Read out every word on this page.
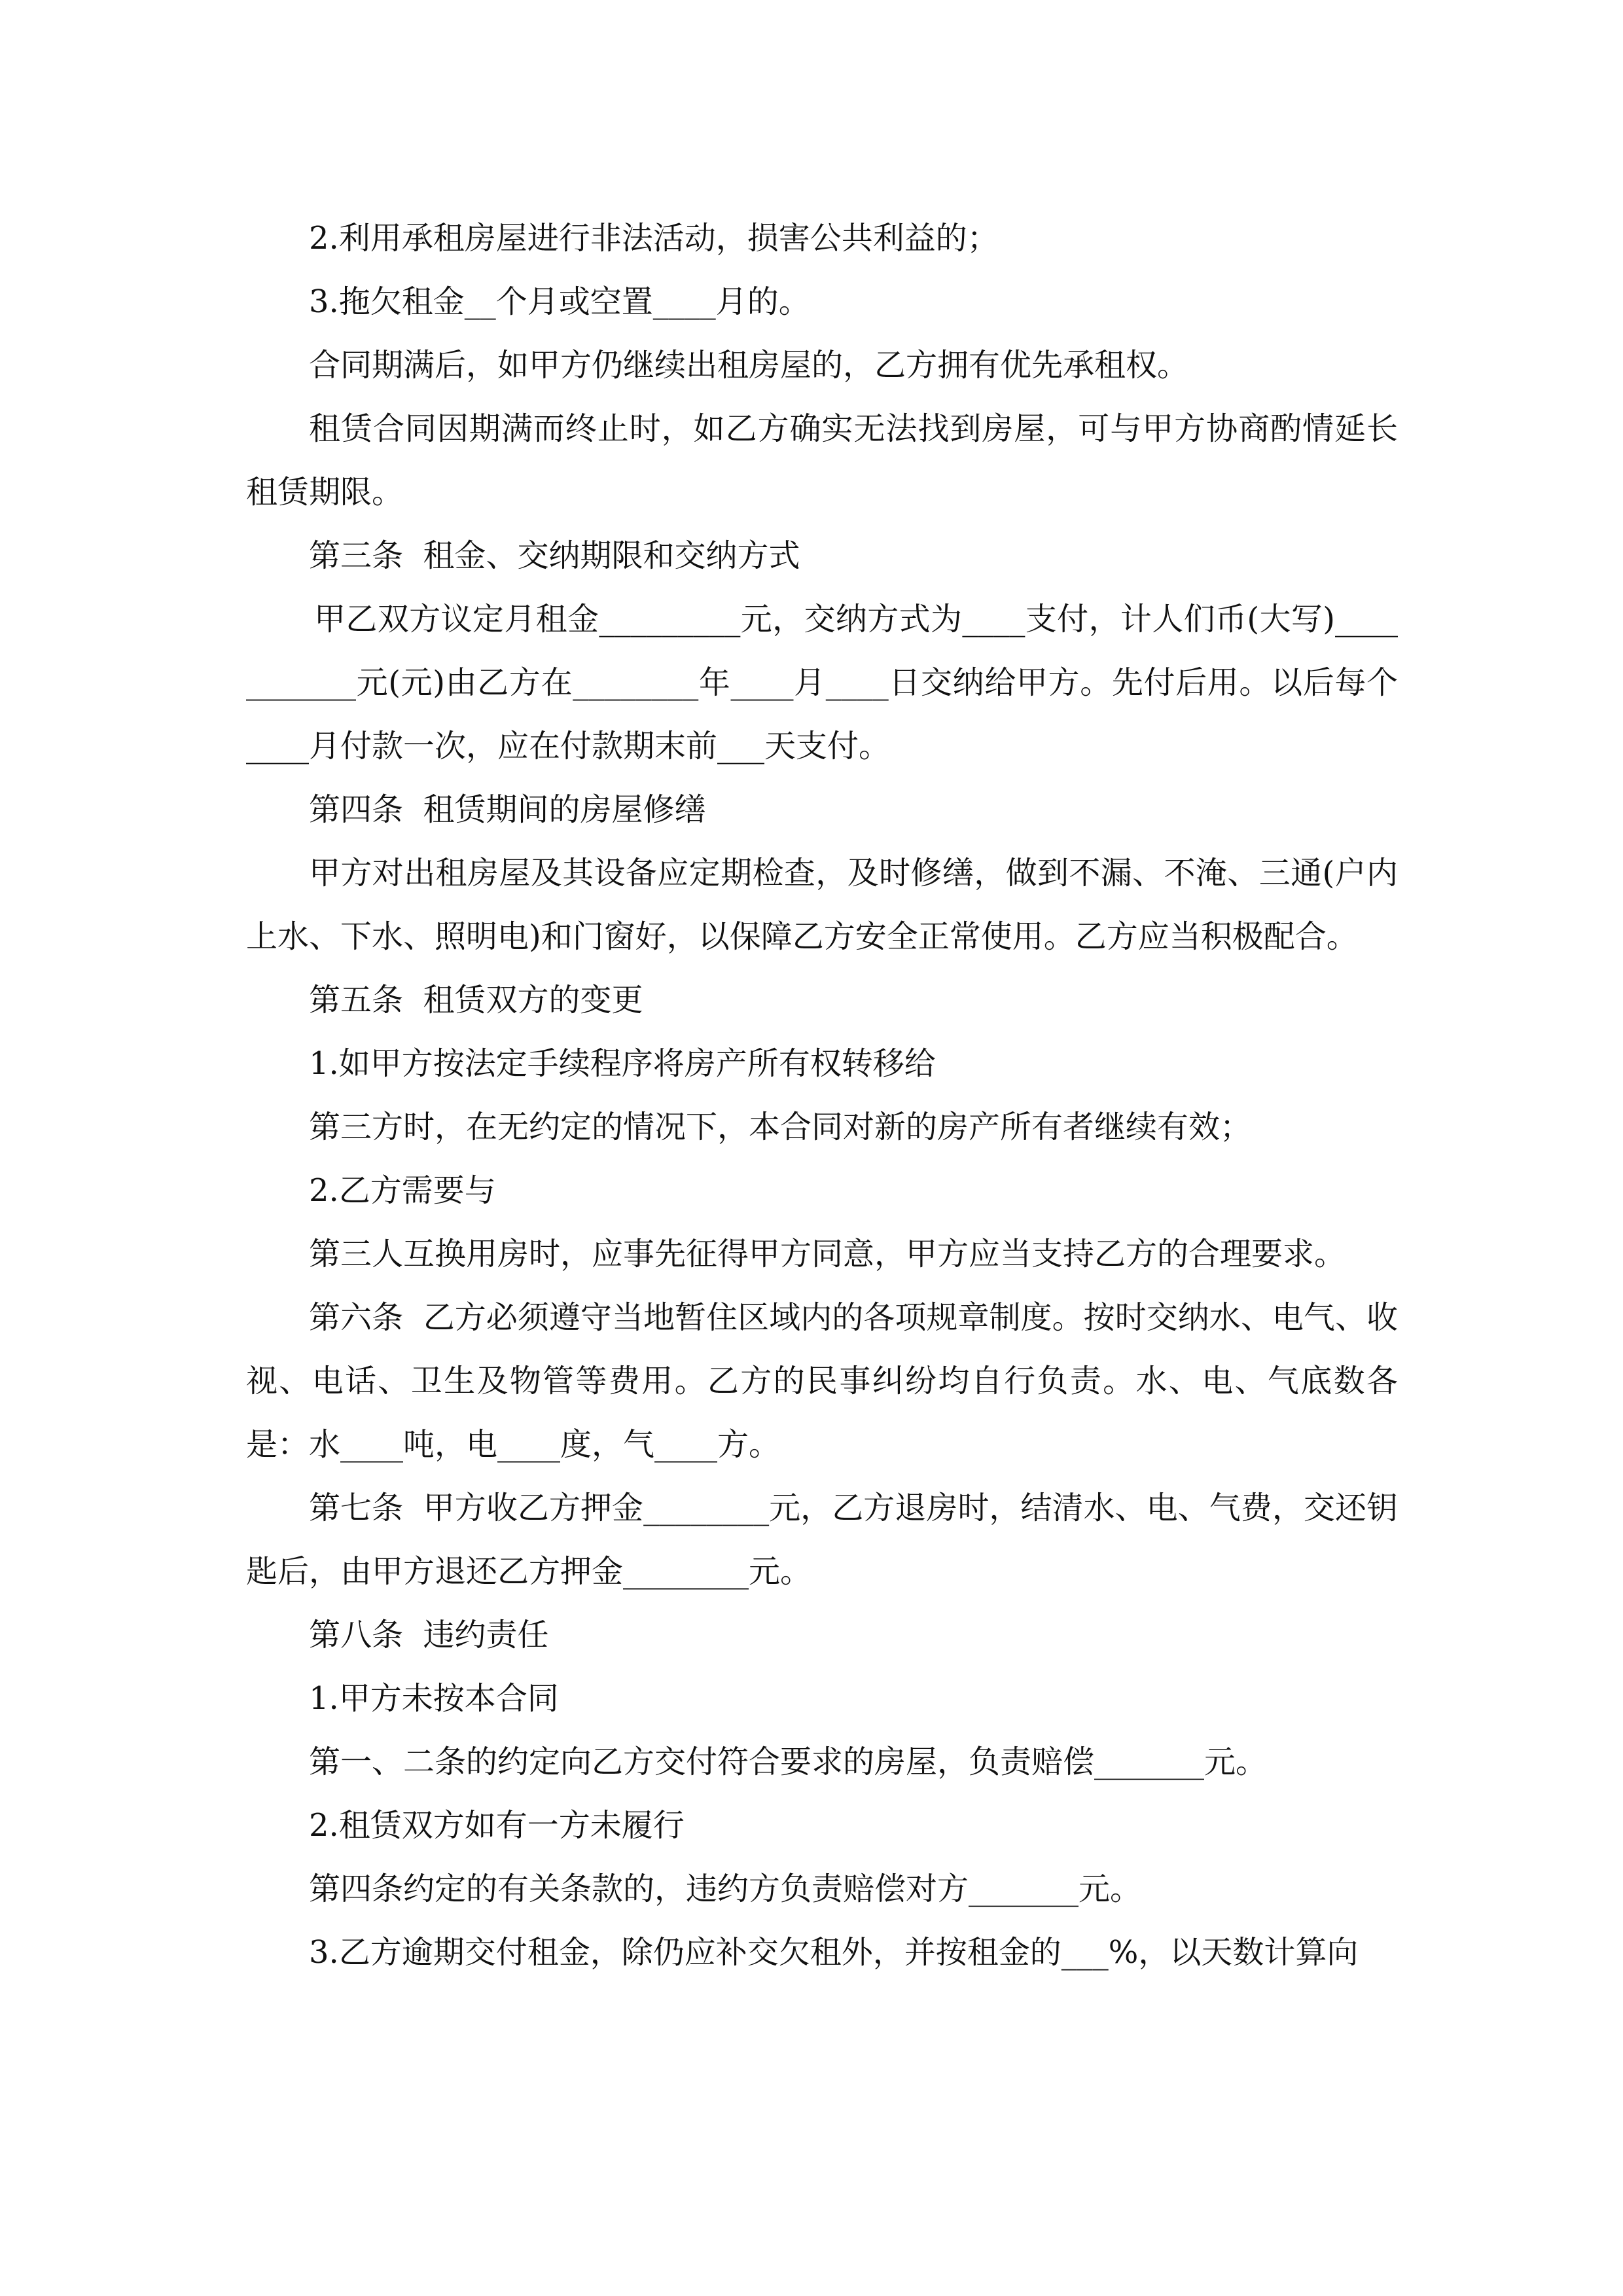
2.利用承租房屋进行非法活动，损害公共利益的；

3.拖欠租金__个月或空置____月的。

合同期满后，如甲方仍继续出租房屋的，乙方拥有优先承租权。

租赁合同因期满而终止时，如乙方确实无法找到房屋，可与甲方协商酌情延长租赁期限。

第三条  租金、交纳期限和交纳方式

甲乙双方议定月租金_________元，交纳方式为____支付，计人们币(大写)___________元(元)由乙方在________年____月____日交纳给甲方。先付后用。以后每个____月付款一次，应在付款期末前___天支付。

第四条  租赁期间的房屋修缮

甲方对出租房屋及其设备应定期检查，及时修缮，做到不漏、不淹、三通(户内上水、下水、照明电)和门窗好，以保障乙方安全正常使用。乙方应当积极配合。

第五条  租赁双方的变更

1.如甲方按法定手续程序将房产所有权转移给

第三方时，在无约定的情况下，本合同对新的房产所有者继续有效；

2.乙方需要与

第三人互换用房时，应事先征得甲方同意，甲方应当支持乙方的合理要求。

第六条  乙方必须遵守当地暂住区域内的各项规章制度。按时交纳水、电气、收视、电话、卫生及物管等费用。乙方的民事纠纷均自行负责。水、电、气底数各是：水____吨，电____度，气____方。

第七条  甲方收乙方押金________元，乙方退房时，结清水、电、气费，交还钥匙后，由甲方退还乙方押金________元。

第八条  违约责任

1.甲方未按本合同

第一、二条的约定向乙方交付符合要求的房屋，负责赔偿_______元。

2.租赁双方如有一方未履行

第四条约定的有关条款的，违约方负责赔偿对方_______元。

3.乙方逾期交付租金，除仍应补交欠租外，并按租金的___%，以天数计算向
